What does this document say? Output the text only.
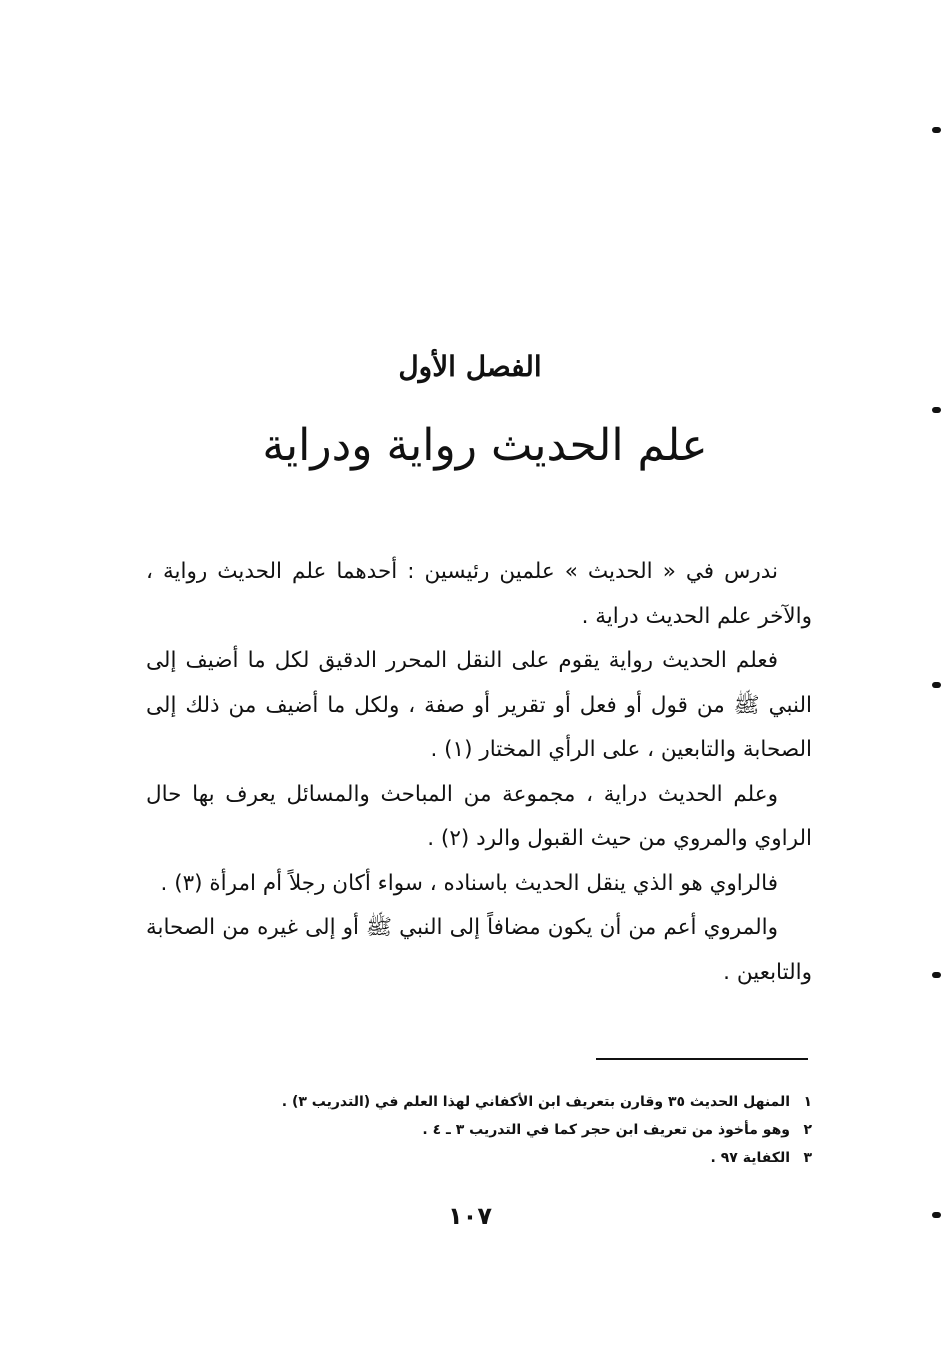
الفصل الأول
علم الحديث رواية ودراية

ندرس في « الحديث » علمين رئيسين : أحدهما علم الحديث رواية ، والآخر علم الحديث دراية .

فعلم الحديث رواية يقوم على النقل المحرر الدقيق لكل ما أضيف إلى النبي ﷺ من قول أو فعل أو تقرير أو صفة ، ولكل ما أضيف من ذلك إلى الصحابة والتابعين ، على الرأي المختار (١) .

وعلم الحديث دراية ، مجموعة من المباحث والمسائل يعرف بها حال الراوي والمروي من حيث القبول والرد (٢) .

فالراوي هو الذي ينقل الحديث باسناده ، سواء أكان رجلاً أم امرأة (٣) .

والمروي أعم من أن يكون مضافاً إلى النبي ﷺ أو إلى غيره من الصحابة والتابعين .

١
المنهل الحديث ٣٥ وقارن بتعريف ابن الأكفاني لهذا العلم في (التدريب ٣) .
٢
وهو مأخوذ من تعريف ابن حجر كما في التدريب ٣ ـ ٤ .
٣
الكفاية ٩٧ .
١٠٧
